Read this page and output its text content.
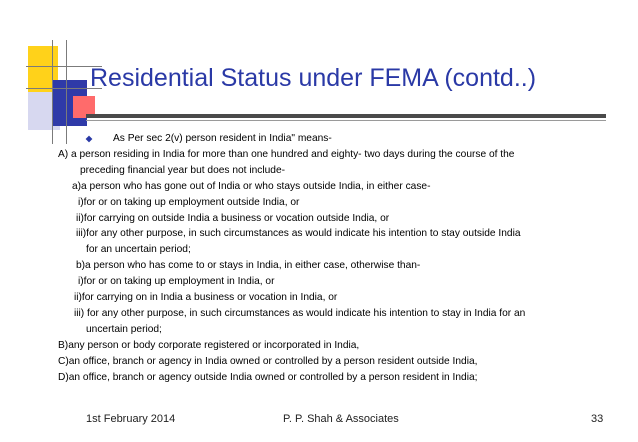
Residential Status under FEMA (contd..)
As Per sec 2(v) person resident in India" means-
A) a person residing in India for more than one hundred and eighty- two days during the course of the
preceding financial year but does not include-
a)a person who has gone out of India or who stays outside India, in either case-
i)for or on taking up employment outside India, or
ii)for carrying on outside India a business or vocation outside India, or
iii)for any other purpose, in such circumstances as would indicate his intention to stay outside India
for an uncertain period;
b)a person who has come to or stays in India, in either case, otherwise than-
i)for or on taking up employment in India, or
ii)for carrying on in India a business or vocation in India, or
iii) for any other purpose, in such circumstances as would indicate his intention to stay in India for an
uncertain period;
B)any person or body corporate registered or incorporated in India,
C)an office, branch or agency in India owned or controlled by a person resident outside India,
D)an office, branch or agency outside India owned or controlled by a person resident in India;
1st February 2014	P. P. Shah & Associates	33
